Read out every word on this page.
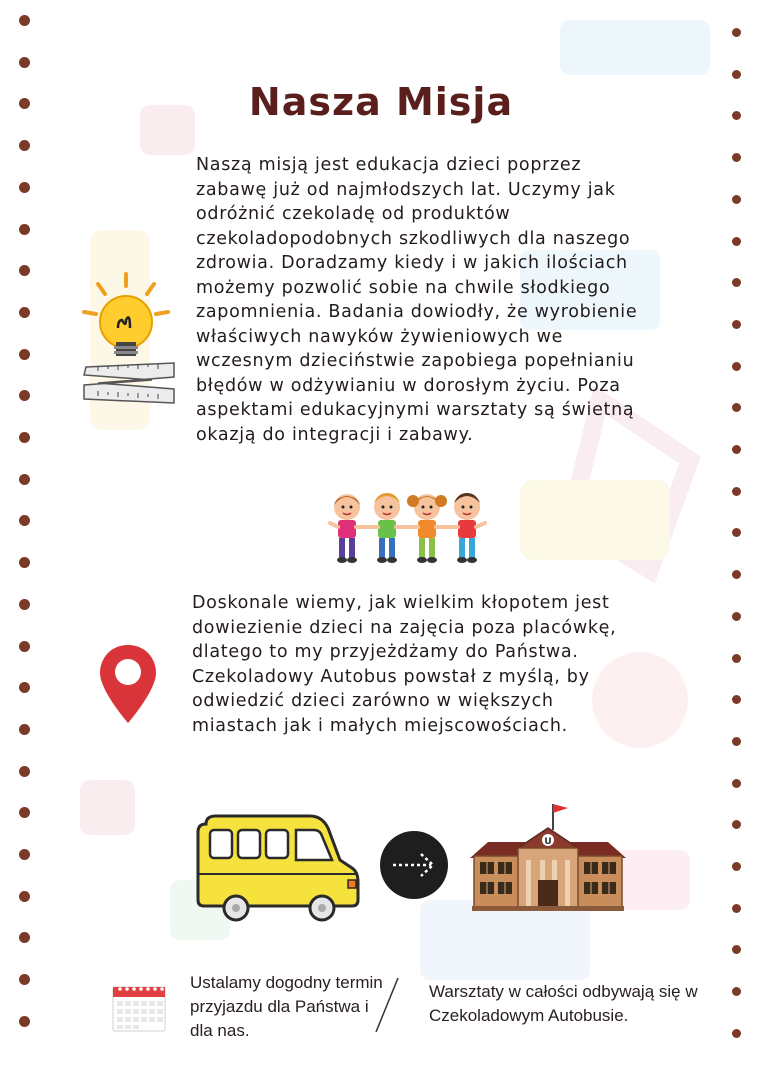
Nasza Misja
Naszą misją jest edukacja dzieci poprzez zabawę już od najmłodszych lat. Uczymy jak odróżnić czekoladę od produktów czekoladopodobnych szkodliwych dla naszego zdrowia. Doradzamy kiedy i w jakich ilościach możemy pozwolić sobie na chwile słodkiego zapomnienia. Badania dowiodły, że wyrobienie właściwych nawyków żywieniowych we wczesnym dzieciństwie zapobiega popełnianiu błędów w odżywianiu w dorosłym życiu. Poza aspektami edukacyjnymi warsztaty są świetną okazją do integracji i zabawy.
Doskonale wiemy, jak wielkim kłopotem jest dowiezienie dzieci na zajęcia poza placówkę, dlatego to my przyjeżdżamy do Państwa. Czekoladowy Autobus powstał z myślą, by odwiedzić dzieci zarówno w większych miastach jak i małych miejscowościach.
U
Ustalamy dogodny termin przyjazdu dla Państwa i dla nas.
Warsztaty w całości odbywają się w Czekoladowym Autobusie.
